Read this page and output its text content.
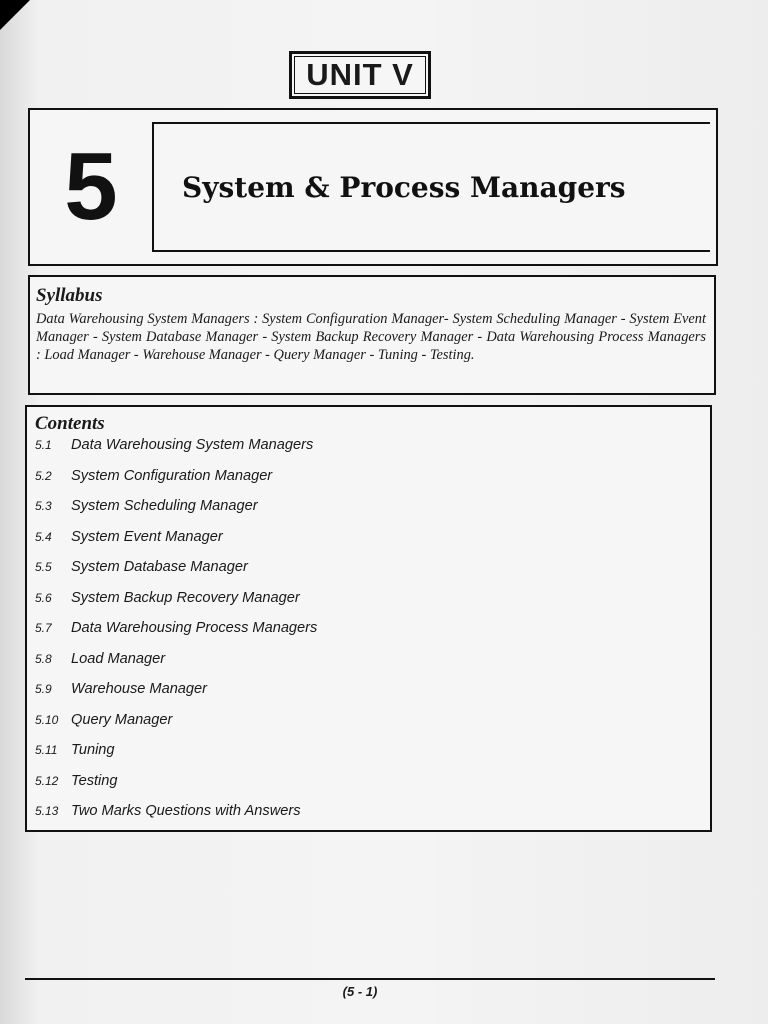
UNIT V
5	System & Process Managers
Syllabus

Data Warehousing System Managers : System Configuration Manager- System Scheduling Manager - System Event Manager - System Database Manager - System Backup Recovery Manager - Data Warehousing Process Managers : Load Manager - Warehouse Manager - Query Manager - Tuning - Testing.

Contents
5.1	Data Warehousing System Managers
5.2	System Configuration Manager
5.3	System Scheduling Manager
5.4	System Event Manager
5.5	System Database Manager
5.6	System Backup Recovery Manager
5.7	Data Warehousing Process Managers
5.8	Load Manager
5.9	Warehouse Manager
5.10 Query Manager
5.11 Tuning
5.12 Testing
5.13 Two Marks Questions with Answers
(5 - 1)
